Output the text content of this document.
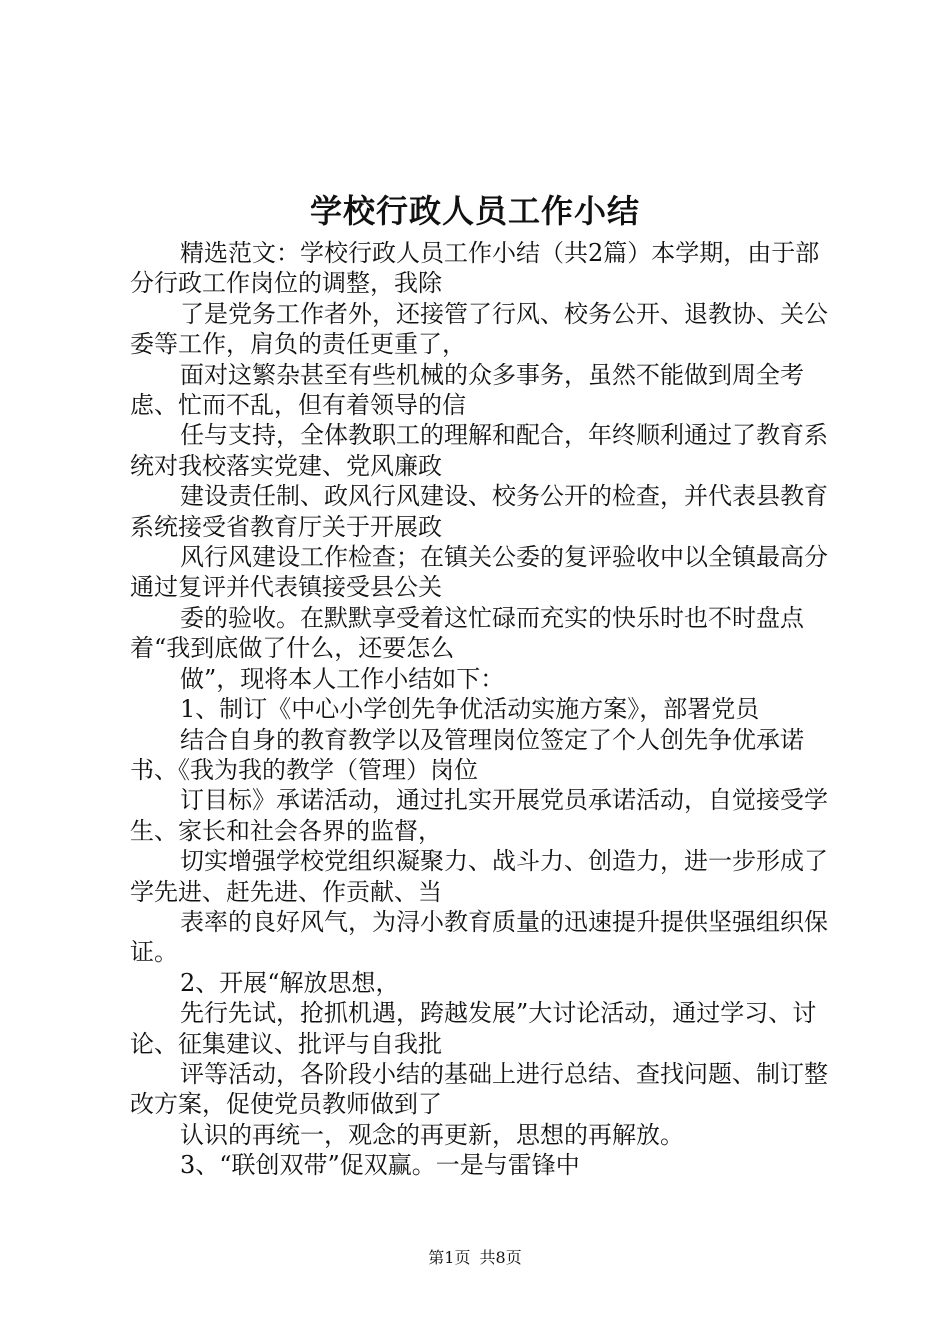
学校行政人员工作小结

精选范文：学校行政人员工作小结（共2篇）本学期，由于部分行政工作岗位的调整，我除

了是党务工作者外，还接管了行风、校务公开、退教协、关公委等工作，肩负的责任更重了，

面对这繁杂甚至有些机械的众多事务，虽然不能做到周全考虑、忙而不乱，但有着领导的信

任与支持，全体教职工的理解和配合，年终顺利通过了教育系统对我校落实党建、党风廉政

建设责任制、政风行风建设、校务公开的检查，并代表县教育系统接受省教育厅关于开展政

风行风建设工作检查；在镇关公委的复评验收中以全镇最高分通过复评并代表镇接受县公关

委的验收。在默默享受着这忙碌而充实的快乐时也不时盘点着“我到底做了什么，还要怎么

做”，现将本人工作小结如下：

1、制订《中心小学创先争优活动实施方案》，部署党员

结合自身的教育教学以及管理岗位签定了个人创先争优承诺书、《我为我的教学（管理）岗位

订目标》承诺活动，通过扎实开展党员承诺活动，自觉接受学生、家长和社会各界的监督，

切实增强学校党组织凝聚力、战斗力、创造力，进一步形成了学先进、赶先进、作贡献、当

表率的良好风气，为浔小教育质量的迅速提升提供坚强组织保证。

2、开展“解放思想，

先行先试，抢抓机遇，跨越发展”大讨论活动，通过学习、讨论、征集建议、批评与自我批

评等活动，各阶段小结的基础上进行总结、查找问题、制订整改方案，促使党员教师做到了

认识的再统一，观念的再更新，思想的再解放。

3、“联创双带”促双赢。一是与雷锋中

第1页 共8页
